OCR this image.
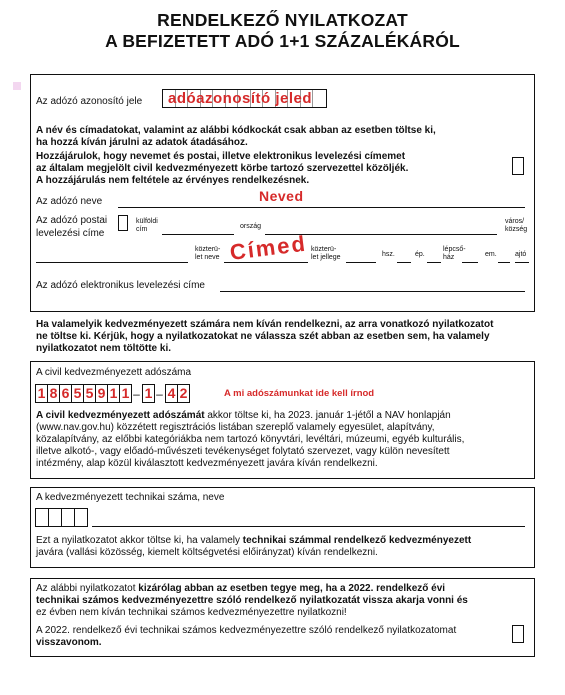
RENDELKEZŐ NYILATKOZAT
A BEFIZETETT ADÓ 1+1 SZÁZALÉKÁRÓL
Az adózó azonosító jele adóazonosító jeled
A név és címadatokat, valamint az alábbi kódkockát csak abban az esetben töltse ki,
ha hozzá kíván járulni az adatok átadásához.
Hozzájárulok, hogy nevemet és postai, illetve elektronikus levelezési címemet
az általam megjelölt civil kedvezményezett körbe tartozó szervezettel közöljék.
A hozzájárulás nem feltétele az érvényes rendelkezésnek.
Az adózó neve	Neved
Az adózó postai
levelezési címe
külföldi
cím	ország
város/
község
közterü-
let neve
közterü-
let jellege	hsz.	ép.
lépcső-
ház	em.	ajtó
Címed
Az adózó elektronikus levelezési címe
Ha valamelyik kedvezményezett számára nem kíván rendelkezni, az arra vonatkozó nyilatkozatot
ne töltse ki. Kérjük, hogy a nyilatkozatokat ne válassza szét abban az esetben sem, ha valamely
nyilatkozatot nem töltötte ki.
A civil kedvezményezett adószáma
1 8 6 5 5 9 1 1 – 1 – 4 2	A mi adószámunkat ide kell írnod
A civil kedvezményezett adószámát akkor töltse ki, ha 2023. január 1-jétől a NAV honlapján
(www.nav.gov.hu) közzétett regisztrációs listában szereplő valamely egyesület, alapítvány,
közalapítvány, az előbbi kategóriákba nem tartozó könyvtári, levéltári, múzeumi, egyéb kulturális,
illetve alkotó-, vagy előadó-művészeti tevékenységet folytató szervezet, vagy külön nevesített
intézmény, alap közül kiválasztott kedvezményezett javára kíván rendelkezni.
A kedvezményezett technikai száma, neve
Ezt a nyilatkozatot akkor töltse ki, ha valamely technikai számmal rendelkező kedvezményezett
javára (vallási közösség, kiemelt költségvetési előirányzat) kíván rendelkezni.
Az alábbi nyilatkozatot kizárólag abban az esetben tegye meg, ha a 2022. rendelkező évi
technikai számos kedvezményezettre szóló rendelkező nyilatkozatát vissza akarja vonni és
ez évben nem kíván technikai számos kedvezményezettre nyilatkozni!
A 2022. rendelkező évi technikai számos kedvezményezettre szóló rendelkező nyilatkozatomat
visszavonom.
